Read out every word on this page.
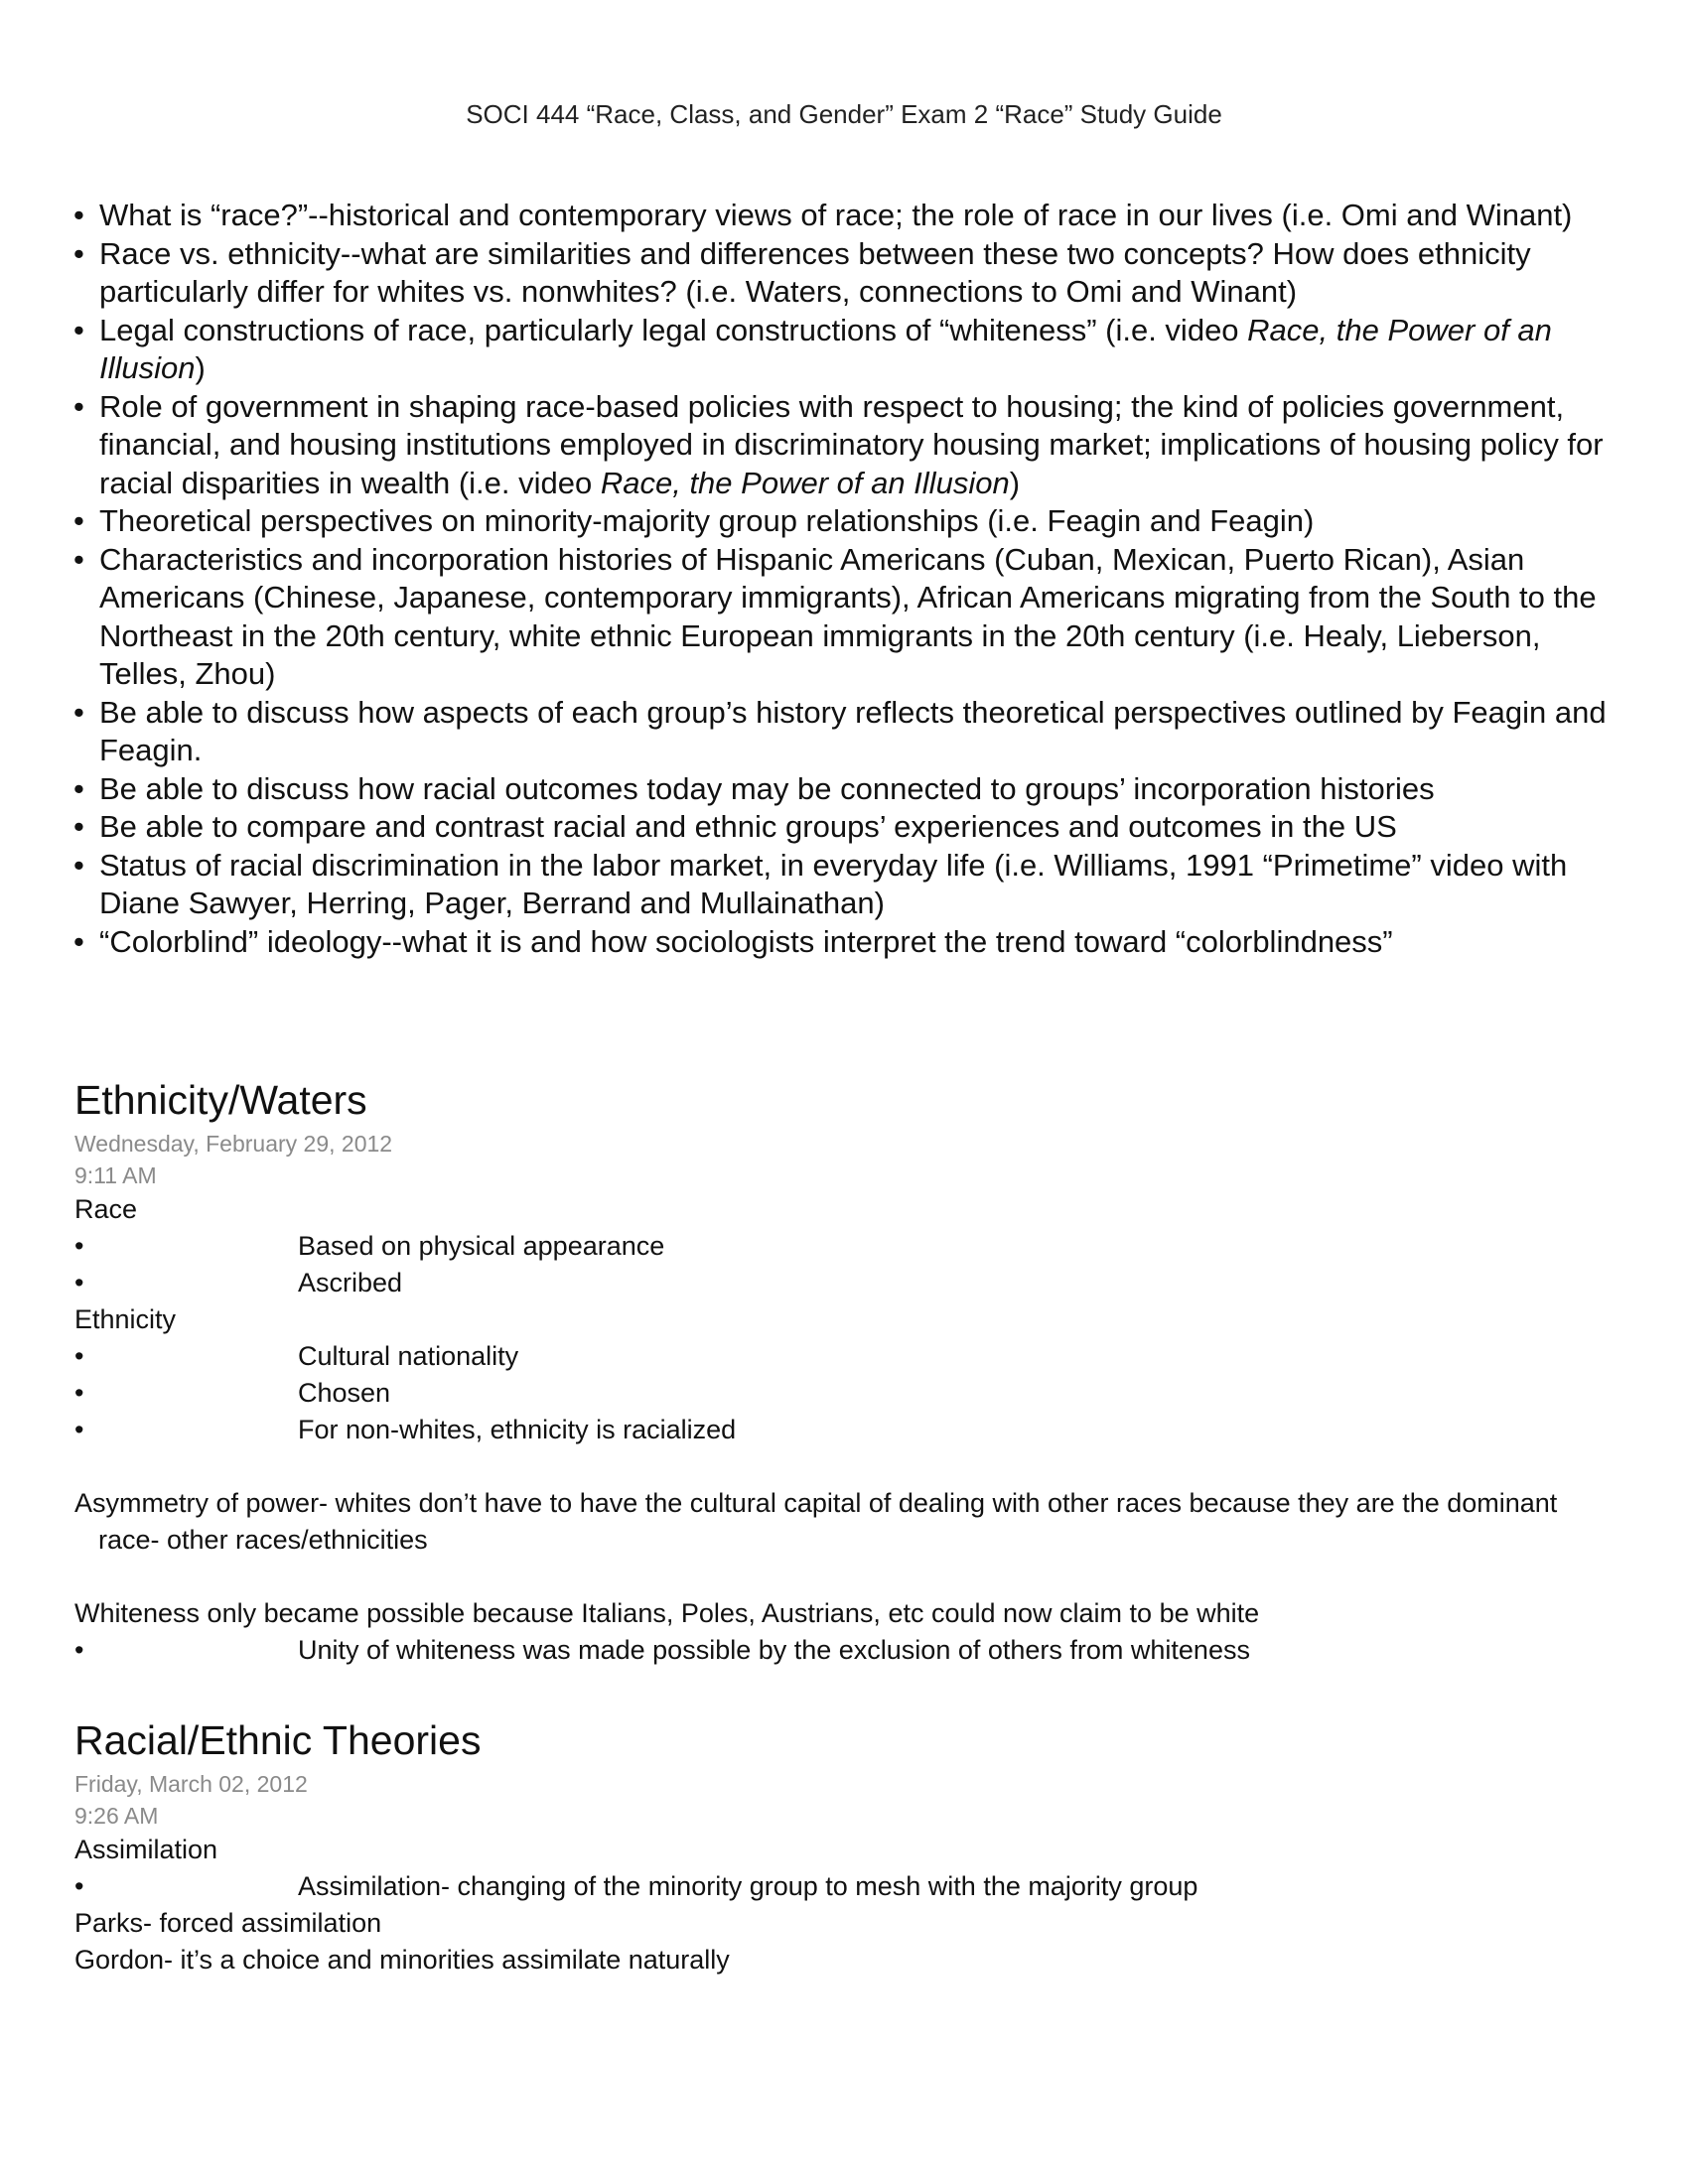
SOCI 444 “Race, Class, and Gender” Exam 2 “Race” Study Guide
• What is “race?”--historical and contemporary views of race; the role of race in our lives (i.e. Omi and Winant)
• Race vs. ethnicity--what are similarities and differences between these two concepts? How does ethnicity particularly differ for whites vs. nonwhites? (i.e. Waters, connections to Omi and Winant)
• Legal constructions of race, particularly legal constructions of “whiteness” (i.e. video Race, the Power of an Illusion)
• Role of government in shaping race-based policies with respect to housing; the kind of policies government, financial, and housing institutions employed in discriminatory housing market; implications of housing policy for racial disparities in wealth (i.e. video Race, the Power of an Illusion)
• Theoretical perspectives on minority-majority group relationships (i.e. Feagin and Feagin)
• Characteristics and incorporation histories of Hispanic Americans (Cuban, Mexican, Puerto Rican), Asian Americans (Chinese, Japanese, contemporary immigrants), African Americans migrating from the South to the Northeast in the 20th century, white ethnic European immigrants in the 20th century (i.e. Healy, Lieberson, Telles, Zhou)
• Be able to discuss how aspects of each group’s history reflects theoretical perspectives outlined by Feagin and Feagin.
• Be able to discuss how racial outcomes today may be connected to groups’ incorporation histories
• Be able to compare and contrast racial and ethnic groups’ experiences and outcomes in the US
• Status of racial discrimination in the labor market, in everyday life (i.e. Williams, 1991 “Primetime” video with Diane Sawyer, Herring, Pager, Berrand and Mullainathan)
• “Colorblind” ideology--what it is and how sociologists interpret the trend toward “colorblindness”
Ethnicity/Waters
Wednesday, February 29, 2012
9:11 AM
Race
•	Based on physical appearance
•	Ascribed
Ethnicity
•	Cultural nationality
•	Chosen
•	For non-whites, ethnicity is racialized
Asymmetry of power- whites don’t have to have the cultural capital of dealing with other races because they are the dominant race- other races/ethnicities
Whiteness only became possible because Italians, Poles, Austrians, etc could now claim to be white
•	Unity of whiteness was made possible by the exclusion of others from whiteness
Racial/Ethnic Theories
Friday, March 02, 2012
9:26 AM
Assimilation
•	Assimilation- changing of the minority group to mesh with the majority group
Parks- forced assimilation
Gordon- it’s a choice and minorities assimilate naturally
